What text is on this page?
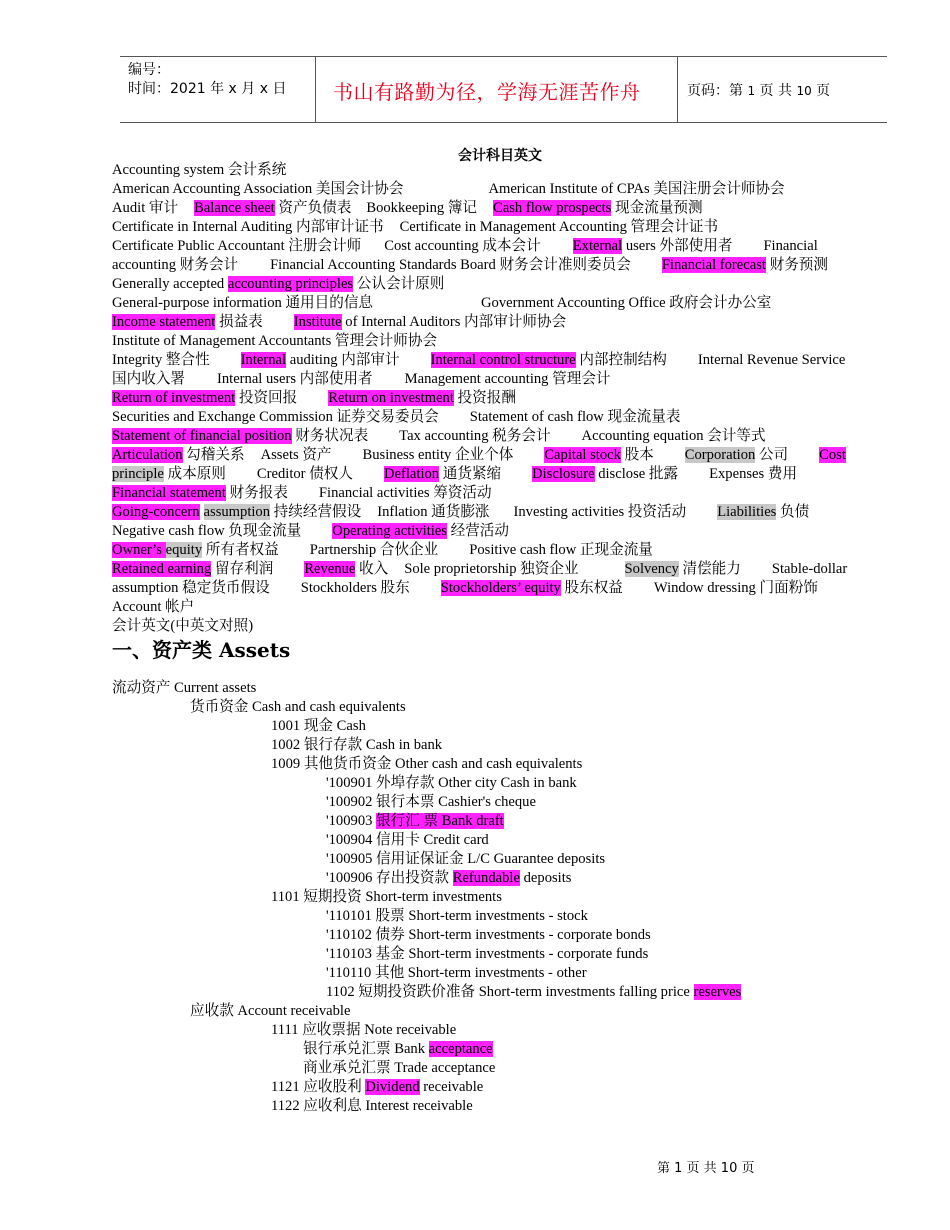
编号：
时间：2021 年 x 月 x 日 书山有路勤为径，学海无涯苦作舟	页码：第 1 页 共 10 页
会计科目英文

Accounting system 会计系统

American Accounting Association 美国会计协会	American Institute of CPAs 美国注册会计师协会

Audit 审计 Balance sheet 资产负债表 Bookkeeping 簿记 Cash flow prospects 现金流量预测

Certificate in Internal Auditing 内部审计证书 Certificate in Management Accounting 管理会计证书

Certificate Public Accountant 注册会计师 Cost accounting 成本会计 External users 外部使用者 Financial

accounting 财务会计 Financial Accounting Standards Board 财务会计准则委员会 Financial forecast 财务预测

Generally accepted accounting principles 公认会计原则

General-purpose information 通用目的信息	Government Accounting Office 政府会计办公室

Income statement 损益表 Institute of Internal Auditors 内部审计师协会

Institute of Management Accountants 管理会计师协会

Integrity 整合性 Internal auditing 内部审计 Internal control structure 内部控制结构 Internal Revenue Service

国内收入署 Internal users 内部使用者 Management accounting 管理会计

Return of investment 投资回报 Return on investment 投资报酬

Securities and Exchange Commission 证券交易委员会 Statement of cash flow 现金流量表

Statement of financial position 财务状况表 Tax accounting 税务会计 Accounting equation 会计等式

Articulation 勾稽关系 Assets 资产 Business entity 企业个体 Capital stock 股本 Corporation 公司 Cost

principle 成本原则 Creditor 债权人 Deflation 通货紧缩 Disclosure disclose 批露 Expenses 费用

Financial statement 财务报表 Financial activities 筹资活动

Going-concern assumption 持续经营假设 Inflation 通货膨涨 Investing activities 投资活动 Liabilities 负债

Negative cash flow 负现金流量 Operating activities 经营活动

Owner’s equity 所有者权益 Partnership 合伙企业 Positive cash flow 正现金流量

Retained earning 留存利润 Revenue 收入 Sole proprietorship 独资企业	Solvency 清偿能力 Stable-dollar

assumption 稳定货币假设 Stockholders 股东 Stockholders’ equity 股东权益 Window dressing 门面粉饰

Account 帐户

会计英文(中英文对照)

一、资产类 Assets

流动资产 Current assets

货币资金 Cash and cash equivalents

1001 现金 Cash

1002 银行存款 Cash in bank

1009 其他货币资金 Other cash and cash equivalents

'100901 外埠存款 Other city Cash in bank

'100902 银行本票 Cashier's cheque

'100903 银行汇 票 Bank draft

'100904 信用卡 Credit card

'100905 信用证保证金 L/C Guarantee deposits

'100906 存出投资款 Refundable deposits

1101 短期投资 Short-term investments

'110101 股票 Short-term investments - stock

'110102 债券 Short-term investments - corporate bonds

'110103 基金 Short-term investments - corporate funds

'110110 其他 Short-term investments - other

1102 短期投资跌价准备 Short-term investments falling price reserves

应收款 Account receivable

1111 应收票据 Note receivable

银行承兑汇票 Bank acceptance

商业承兑汇票 Trade acceptance

1121 应收股利 Dividend receivable

1122 应收利息 Interest receivable

第 1 页 共 10 页
